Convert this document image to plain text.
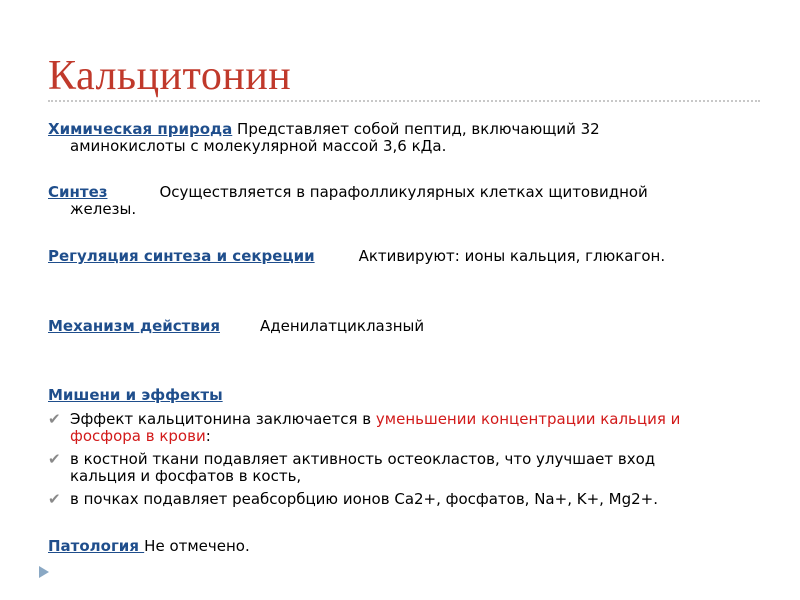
Кальцитонин
Химическая природа Представляет собой пептид, включающий 32
аминокислоты с молекулярной массой 3,6 кДа.
Синтез	Осуществляется в парафолликулярных клетках щитовидной
железы.
Регуляция синтеза и секреции	Активируют: ионы кальция, глюкагон.
Механизм действия	Аденилатциклазный
Мишени и эффекты
✔ Эффект кальцитонина заключается в уменьшении концентрации кальция и
фосфора в крови:
✔ в костной ткани подавляет активность остеокластов, что улучшает вход
кальция и фосфатов в кость,
✔ в почках подавляет реабсорбцию ионов Ca2+, фосфатов, Na+, K+, Mg2+.
Патология Не отмечено.
